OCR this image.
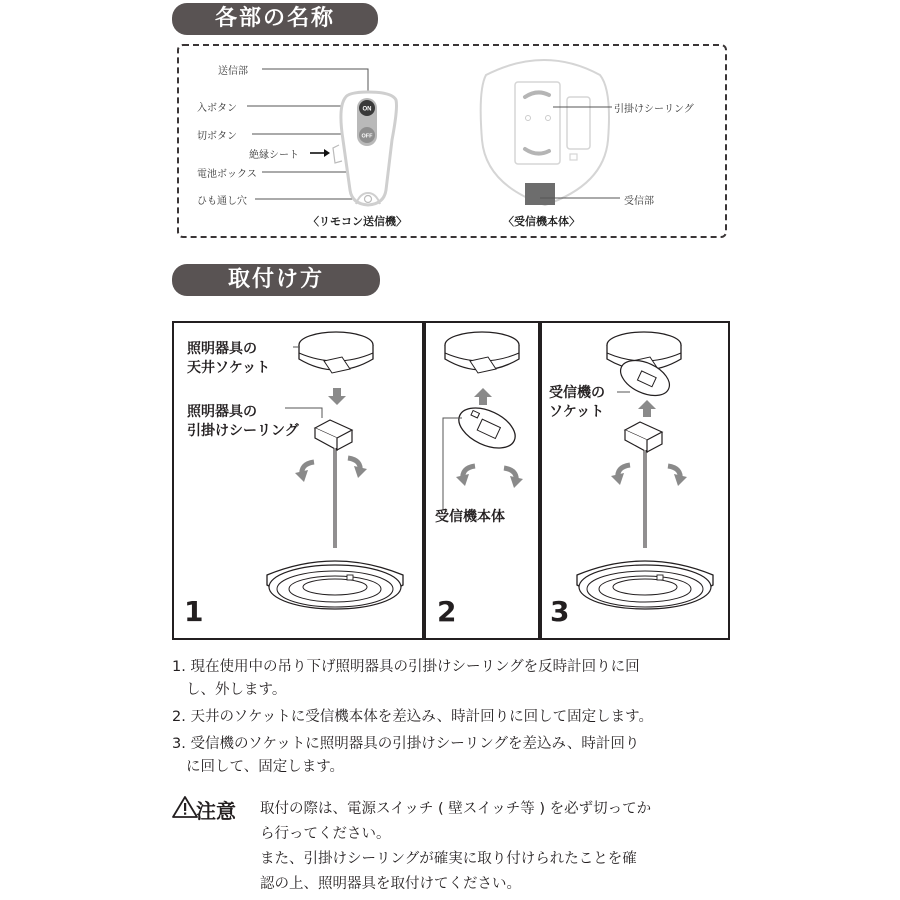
各部の名称
ON
OFF
送信部
入ボタン
切ボタン
絶縁シート
電池ボックス
ひも通し穴
〈リモコン送信機〉
引掛けシーリング
受信部
〈受信機本体〉
取付け方
照明器具の
天井ソケット
照明器具の
引掛けシーリング
1
受信機本体
2
受信機の
ソケット
3
1. 現在使用中の吊り下げ照明器具の引掛けシーリングを反時計回りに回
し、外します。
2. 天井のソケットに受信機本体を差込み、時計回りに回して固定します。
3. 受信機のソケットに照明器具の引掛けシーリングを差込み、時計回り
に回して、固定します。
注意 取付の際は、電源スイッチ ( 壁スイッチ等 ) を必ず切ってか
ら行ってください。
また、引掛けシーリングが確実に取り付けられたことを確
認の上、照明器具を取付けてください。
